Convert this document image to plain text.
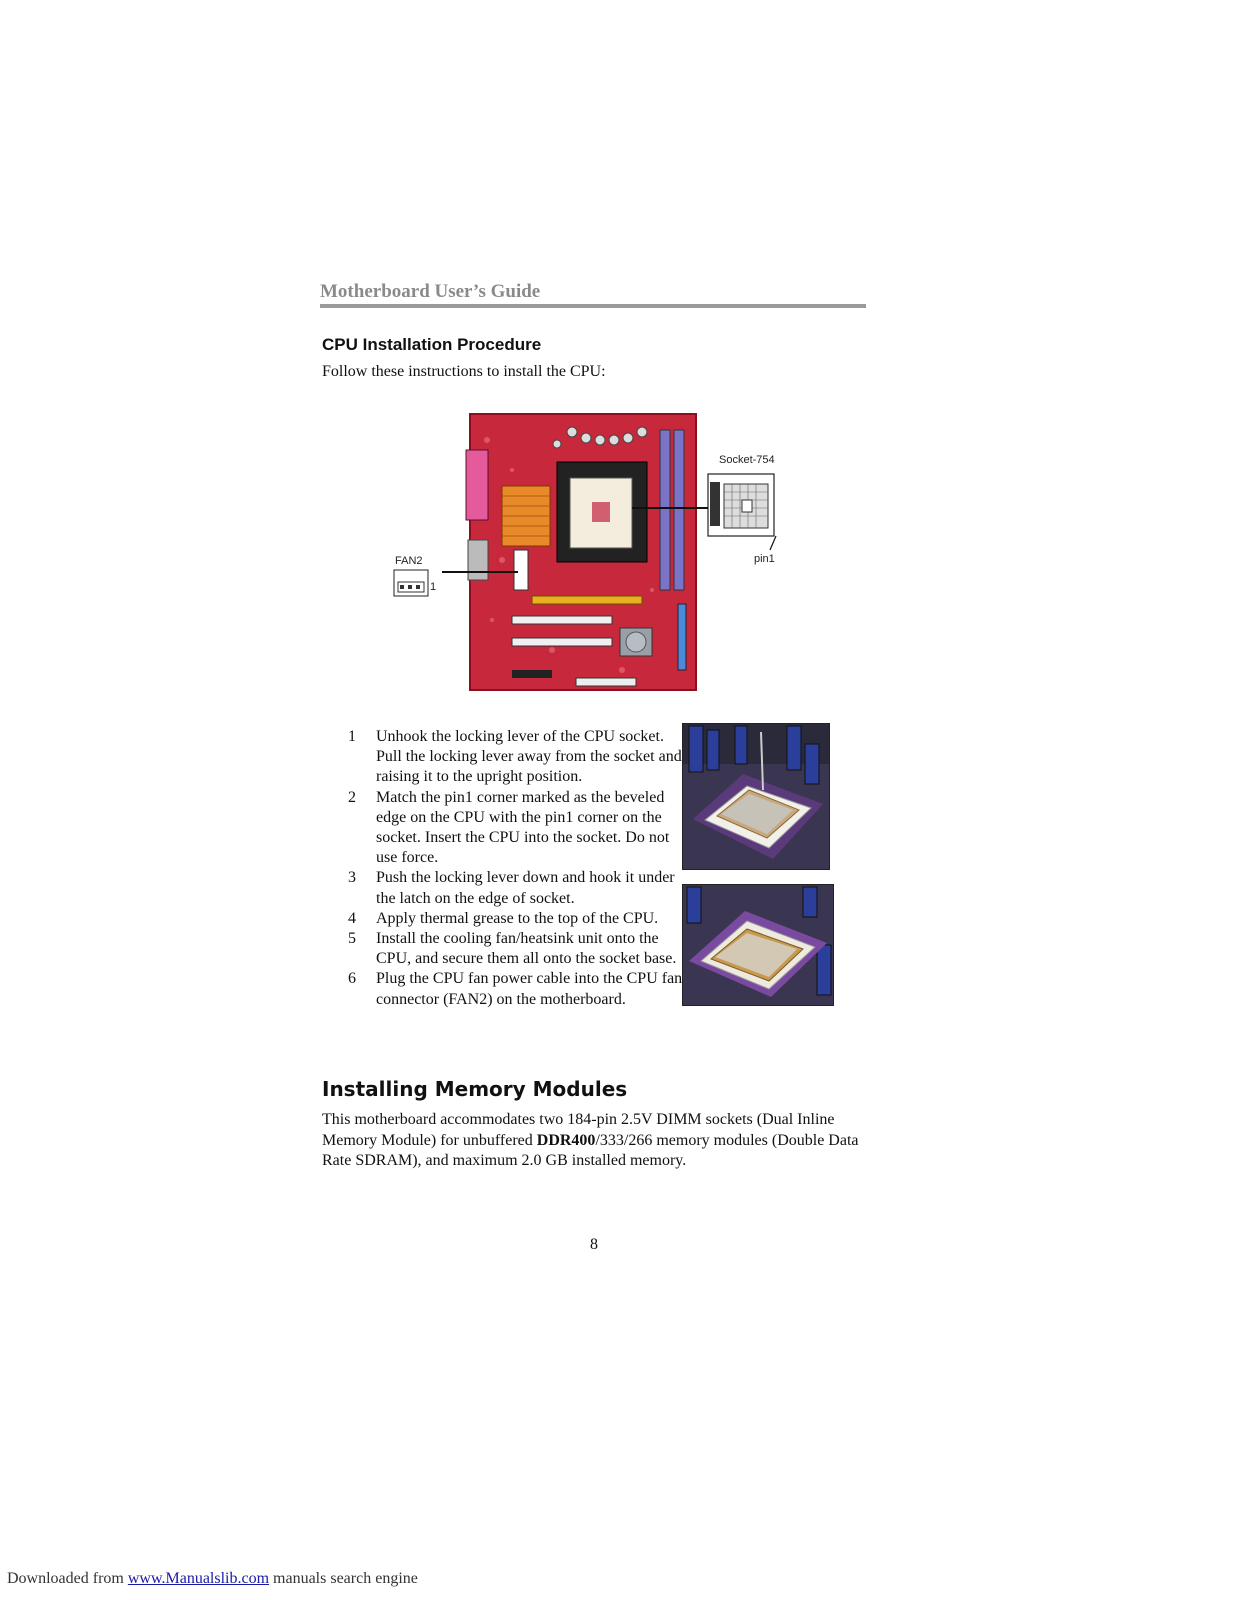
Motherboard User’s Guide
CPU Installation Procedure
Follow these instructions to install the CPU:
Socket-754
pin1
FAN2
1
1 Unhook the locking lever of the CPU socket. Pull the locking lever away from the socket and raising it to the upright position.
2 Match the pin1 corner marked as the beveled edge on the CPU with the pin1 corner on the socket. Insert the CPU into the socket. Do not use force.
3 Push the locking lever down and hook it under the latch on the edge of socket.
4 Apply thermal grease to the top of the CPU.
5 Install the cooling fan/heatsink unit onto the CPU, and secure them all onto the socket base.
6 Plug the CPU fan power cable into the CPU fan connector (FAN2) on the motherboard.
Installing Memory Modules
This motherboard accommodates two 184-pin 2.5V DIMM sockets (Dual Inline Memory Module) for unbuffered DDR400/333/266 memory modules (Double Data Rate SDRAM), and maximum 2.0 GB installed memory.
8
Downloaded from www.Manualslib.com manuals search engine
